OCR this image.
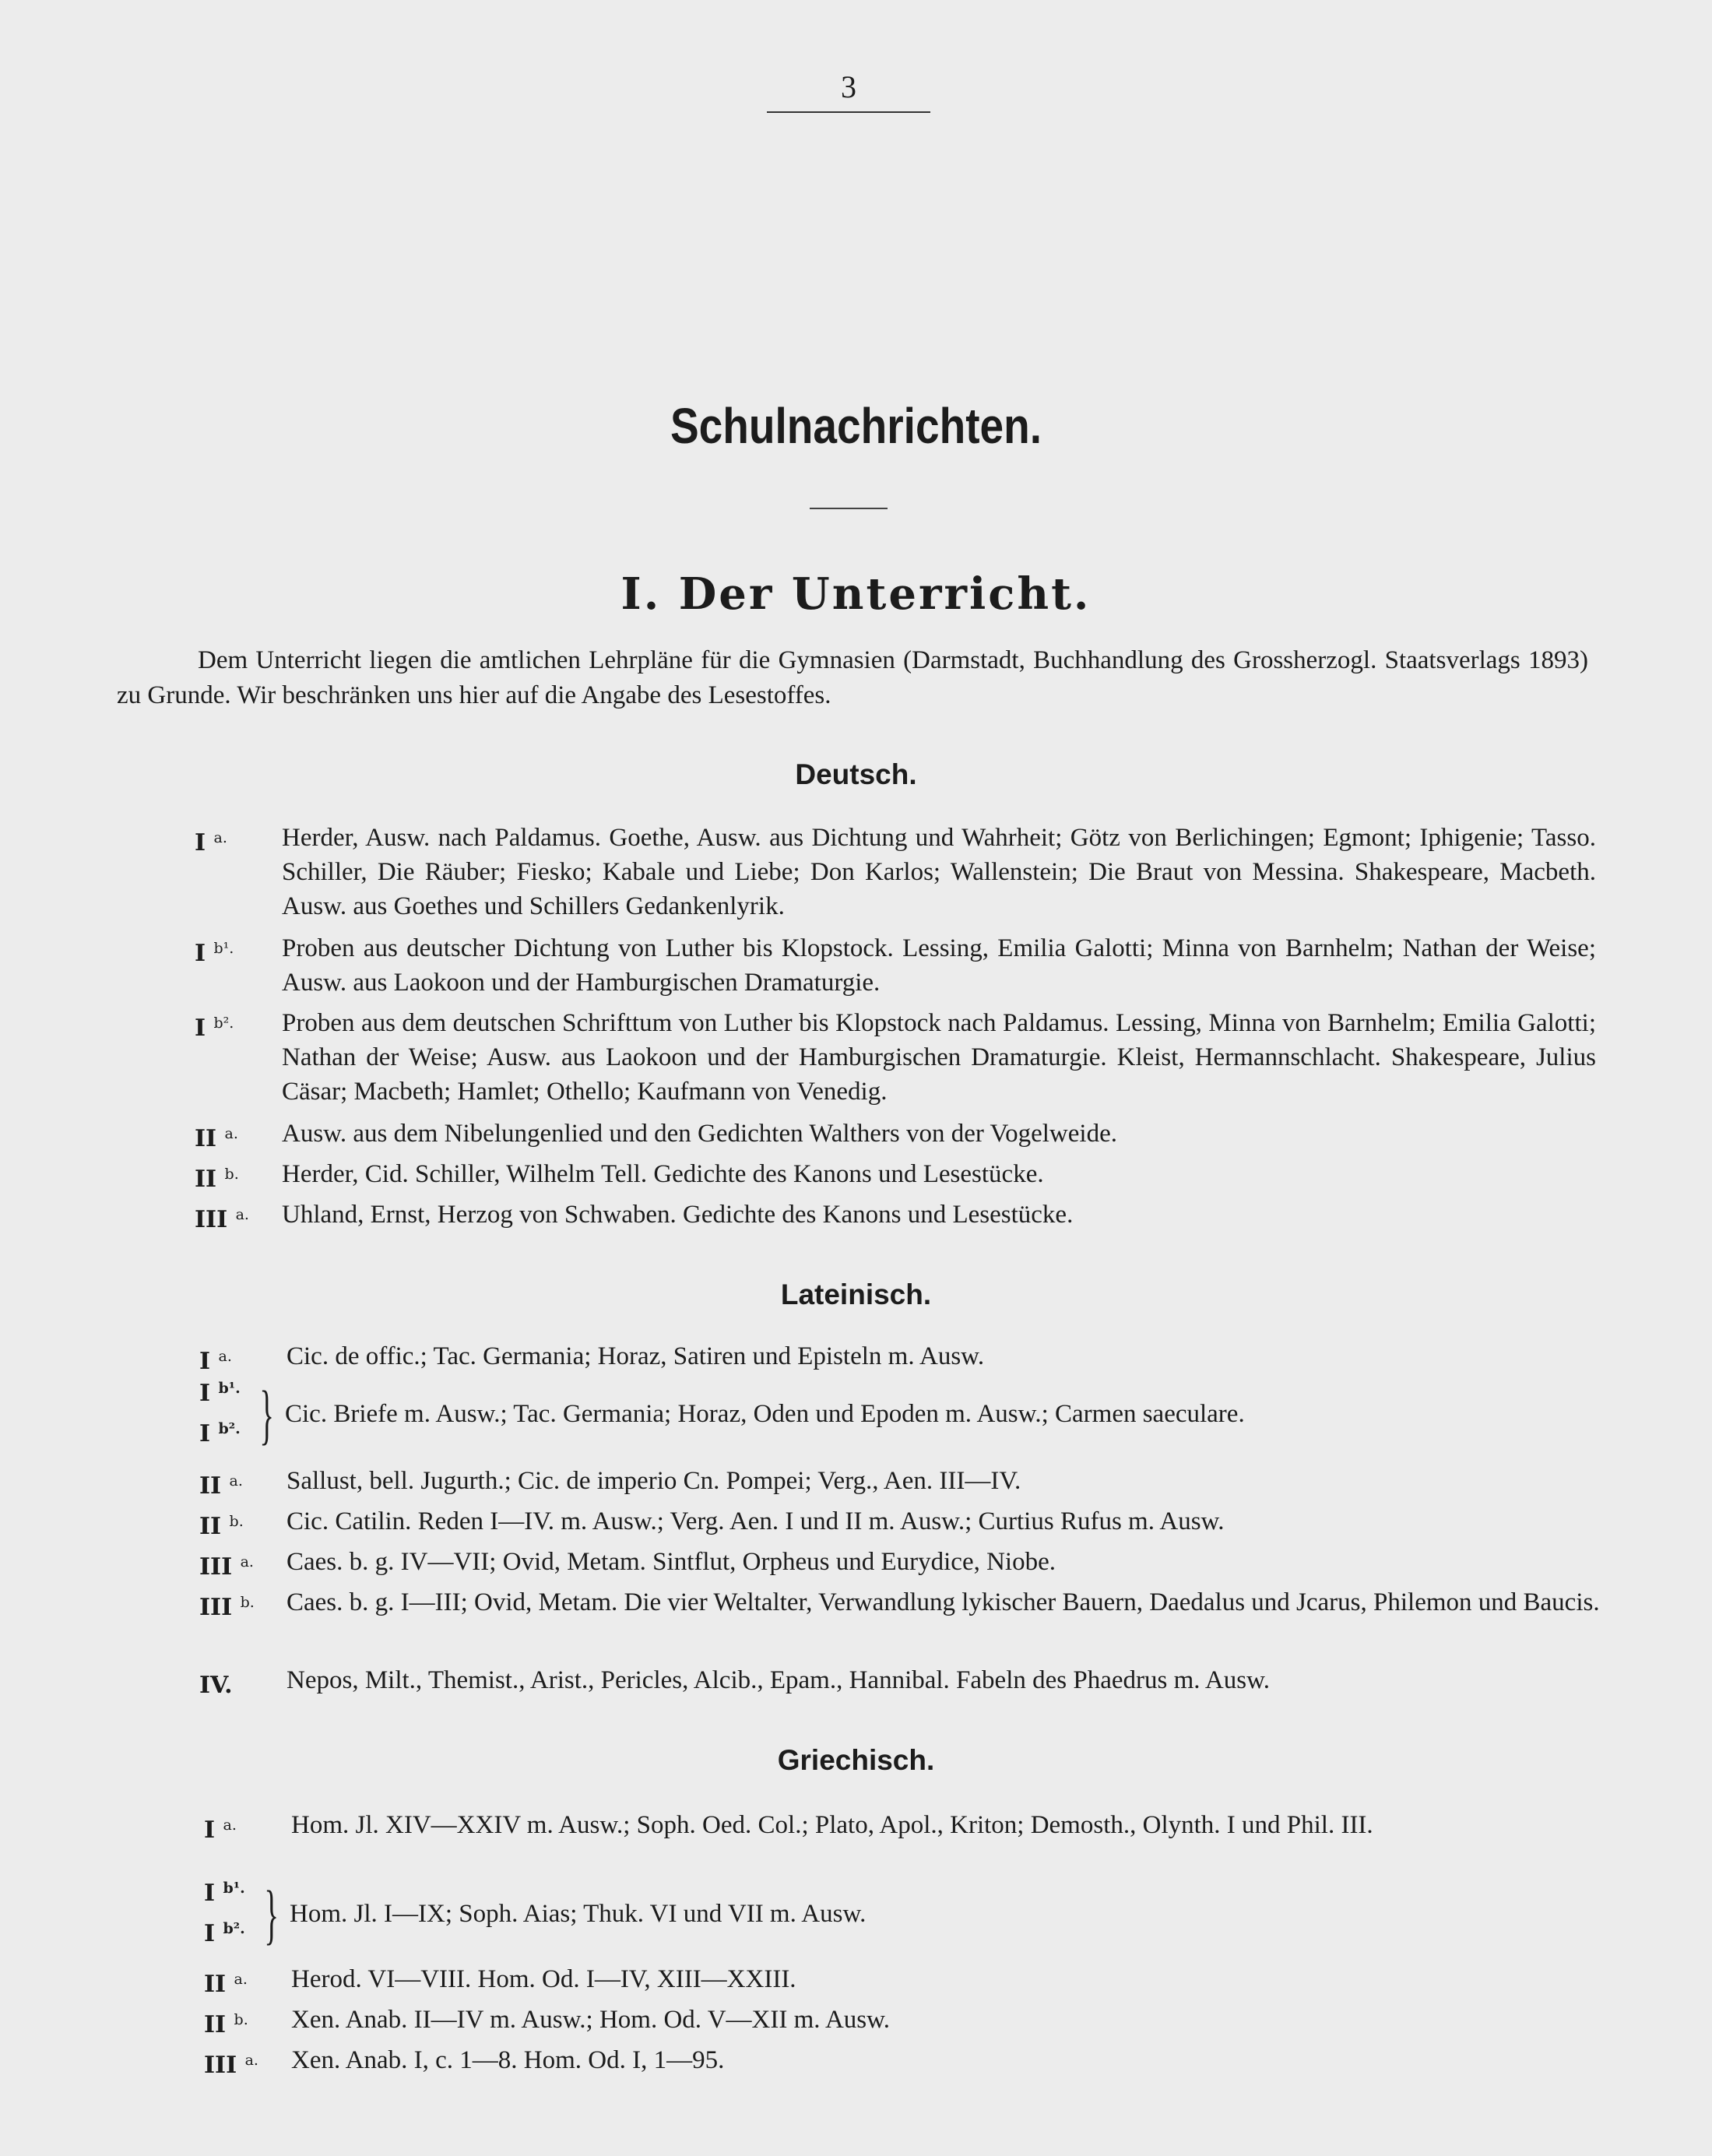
3
Schulnachrichten.
I. Der Unterricht.
Dem Unterricht liegen die amtlichen Lehrpläne für die Gymnasien (Darmstadt, Buchhandlung des Grossherzogl. Staatsverlags 1893) zu Grunde. Wir beschränken uns hier auf die Angabe des Lesestoffes.
Deutsch.
I $^{a.}$	Herder, Ausw. nach Paldamus. Goethe, Ausw. aus Dichtung und Wahrheit; Götz von Berlichingen; Egmont; Iphigenie; Tasso. Schiller, Die Räuber; Fiesko; Kabale und Liebe; Don Karlos; Wallenstein; Die Braut von Messina. Shakespeare, Macbeth. Ausw. aus Goethes und Schillers Gedankenlyrik.
I $^{b^1.}$	Proben aus deutscher Dichtung von Luther bis Klopstock. Lessing, Emilia Galotti; Minna von Barnhelm; Nathan der Weise; Ausw. aus Laokoon und der Hamburgischen Dramaturgie.
I $^{b^2.}$	Proben aus dem deutschen Schrifttum von Luther bis Klopstock nach Paldamus. Lessing, Minna von Barnhelm; Emilia Galotti; Nathan der Weise; Ausw. aus Laokoon und der Hamburgischen Dramaturgie. Kleist, Hermannschlacht. Shakespeare, Julius Cäsar; Macbeth; Hamlet; Othello; Kaufmann von Venedig.
II $^{a.}$	Ausw. aus dem Nibelungenlied und den Gedichten Walthers von der Vogelweide.
II $^{b.}$	Herder, Cid. Schiller, Wilhelm Tell. Gedichte des Kanons und Lesestücke.
III $^{a.}$	Uhland, Ernst, Herzog von Schwaben. Gedichte des Kanons und Lesestücke.
Lateinisch.
I $^{a.}$	Cic. de offic.; Tac. Germania; Horaz, Satiren und Episteln m. Ausw.
I $^{b^1.}$
I $^{b^2.}$ } Cic. Briefe m. Ausw.; Tac. Germania; Horaz, Oden und Epoden m. Ausw.; Carmen saeculare.
II $^{a.}$	Sallust, bell. Jugurth.; Cic. de imperio Cn. Pompei; Verg., Aen. III—IV.
II $^{b.}$	Cic. Catilin. Reden I—IV. m. Ausw.; Verg. Aen. I und II m. Ausw.; Curtius Rufus m. Ausw.
III $^{a.}$	Caes. b. g. IV—VII; Ovid, Metam. Sintflut, Orpheus und Eurydice, Niobe.
III $^{b.}$	Caes. b. g. I—III; Ovid, Metam. Die vier Weltalter, Verwandlung lykischer Bauern, Daedalus und Jcarus, Philemon und Baucis.
IV.	Nepos, Milt., Themist., Arist., Pericles, Alcib., Epam., Hannibal. Fabeln des Phaedrus m. Ausw.
Griechisch.
I $^{a.}$	Hom. Jl. XIV—XXIV m. Ausw.; Soph. Oed. Col.; Plato, Apol., Kriton; Demosth., Olynth. I und Phil. III.
I $^{b^1.}$
I $^{b^2.}$ } Hom. Jl. I—IX; Soph. Aias; Thuk. VI und VII m. Ausw.
II $^{a.}$	Herod. VI—VIII. Hom. Od. I—IV, XIII—XXIII.
II $^{b.}$	Xen. Anab. II—IV m. Ausw.; Hom. Od. V—XII m. Ausw.
III $^{a.}$	Xen. Anab. I, c. 1—8. Hom. Od. I, 1—95.
